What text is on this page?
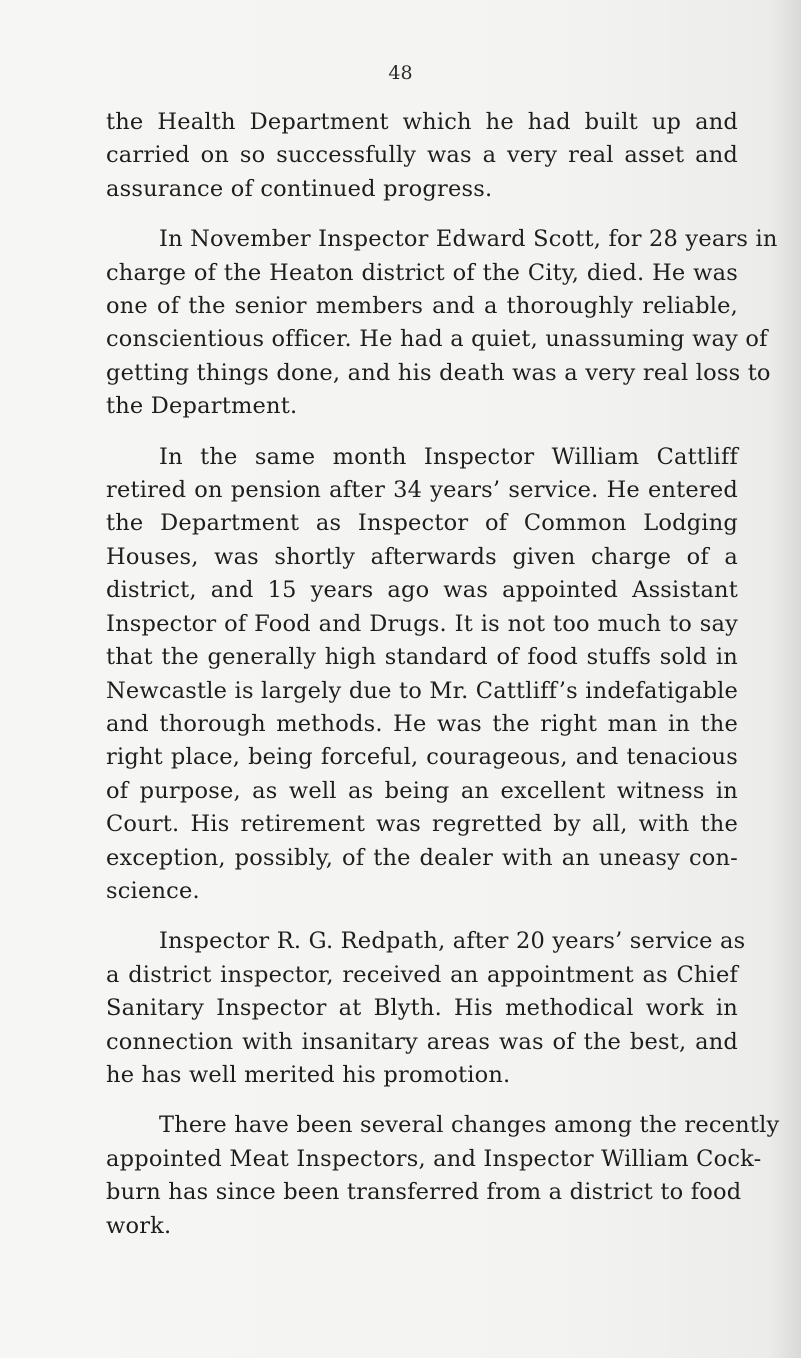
48

the Health Department which he had built up and
carried on so successfully was a very real asset and
assurance of continued progress.

In November Inspector Edward Scott, for 28 years in
charge of the Heaton district of the City, died. He was
one of the senior members and a thoroughly reliable,
conscientious officer. He had a quiet, unassuming way of
getting things done, and his death was a very real loss to
the Department.

In the same month Inspector William Cattliff
retired on pension after 34 years’ service. He entered
the Department as Inspector of Common Lodging
Houses, was shortly afterwards given charge of a
district, and 15 years ago was appointed Assistant
Inspector of Food and Drugs. It is not too much to say
that the generally high standard of food stuffs sold in
Newcastle is largely due to Mr. Cattliff’s indefatigable
and thorough methods. He was the right man in the
right place, being forceful, courageous, and tenacious
of purpose, as well as being an excellent witness in
Court. His retirement was regretted by all, with the
exception, possibly, of the dealer with an uneasy con-
science.

Inspector R. G. Redpath, after 20 years’ service as
a district inspector, received an appointment as Chief
Sanitary Inspector at Blyth. His methodical work in
connection with insanitary areas was of the best, and
he has well merited his promotion.

There have been several changes among the recently
appointed Meat Inspectors, and Inspector William Cock-
burn has since been transferred from a district to food
work.
